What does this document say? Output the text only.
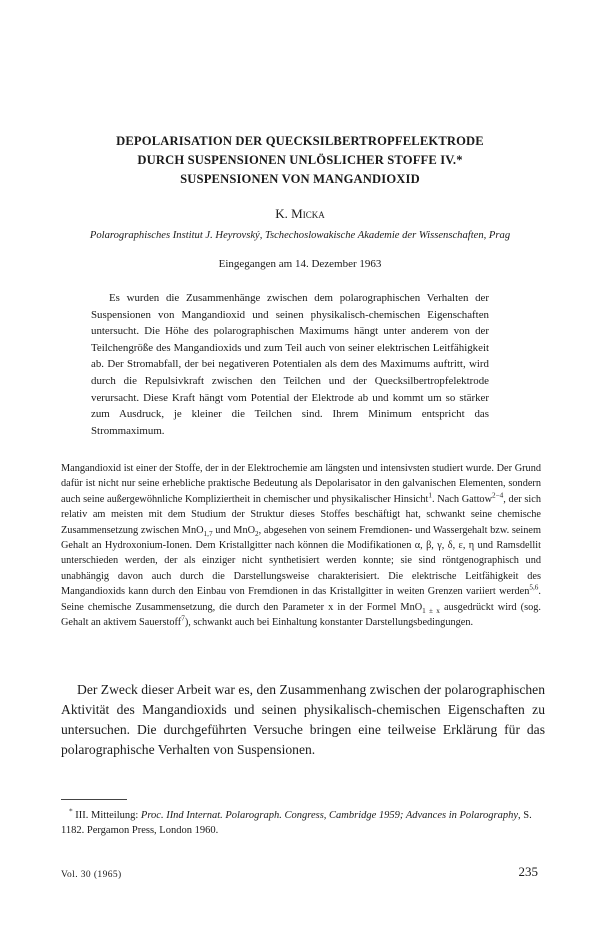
DEPOLARISATION DER QUECKSILBERTROPFELEKTRODE
DURCH SUSPENSIONEN UNLÖSLICHER STOFFE IV.*
SUSPENSIONEN VON MANGANDIOXID
K. Micka
Polarographisches Institut J. Heyrovský, Tschechoslowakische Akademie der Wissenschaften, Prag
Eingegangen am 14. Dezember 1963

Es wurden die Zusammenhänge zwischen dem polarographischen Verhalten der Suspensionen von Mangandioxid und seinen physikalisch-chemischen Eigenschaften untersucht. Die Höhe des polarographischen Maximums hängt unter anderem von der Teilchengröße des Mangandioxids und zum Teil auch von seiner elektrischen Leitfähigkeit ab. Der Stromabfall, der bei negativeren Potentialen als dem des Maximums auftritt, wird durch die Repulsivkraft zwischen den Teilchen und der Quecksilbertropfelektrode verursacht. Diese Kraft hängt vom Potential der Elektrode ab und kommt um so stärker zum Ausdruck, je kleiner die Teilchen sind. Ihrem Minimum entspricht das Strommaximum.

Mangandioxid ist einer der Stoffe, der in der Elektrochemie am längsten und intensivsten studiert wurde. Der Grund dafür ist nicht nur seine erhebliche praktische Bedeutung als Depolarisator in den galvanischen Elementen, sondern auch seine außergewöhnliche Kompliziertheit in chemischer und physikalischer Hinsicht$^1$. Nach Gattow$^{2-4}$, der sich relativ am meisten mit dem Studium der Struktur dieses Stoffes beschäftigt hat, schwankt seine chemische Zusammensetzung zwischen MnO$_{1,7}$ und MnO$_2$, abgesehen von seinem Fremdionen- und Wassergehalt bzw. seinem Gehalt an Hydroxonium-Ionen. Dem Kristallgitter nach können die Modifikationen α, β, γ, δ, ε, η und Ramsdellit unterschieden werden, der als einziger nicht synthetisiert werden konnte; sie sind röntgenographisch und unabhängig davon auch durch die Darstellungsweise charakterisiert. Die elektrische Leitfähigkeit des Mangandioxids kann durch den Einbau von Fremdionen in das Kristallgitter in weiten Grenzen variiert werden$^{5,6}$. Seine chemische Zusammensetzung, die durch den Parameter x in der Formel MnO$_{1 \pm x}$ ausgedrückt wird (sog. Gehalt an aktivem Sauerstoff$^7$), schwankt auch bei Einhaltung konstanter Darstellungsbedingungen.

Der Zweck dieser Arbeit war es, den Zusammenhang zwischen der polarographischen Aktivität des Mangandioxids und seinen physikalisch-chemischen Eigenschaften zu untersuchen. Die durchgeführten Versuche bringen eine teilweise Erklärung für das polarographische Verhalten von Suspensionen.

* III. Mitteilung: Proc. IInd Internat. Polarograph. Congress, Cambridge 1959; Advances in Polarography, S. 1182. Pergamon Press, London 1960.

Vol. 30 (1965)	235
